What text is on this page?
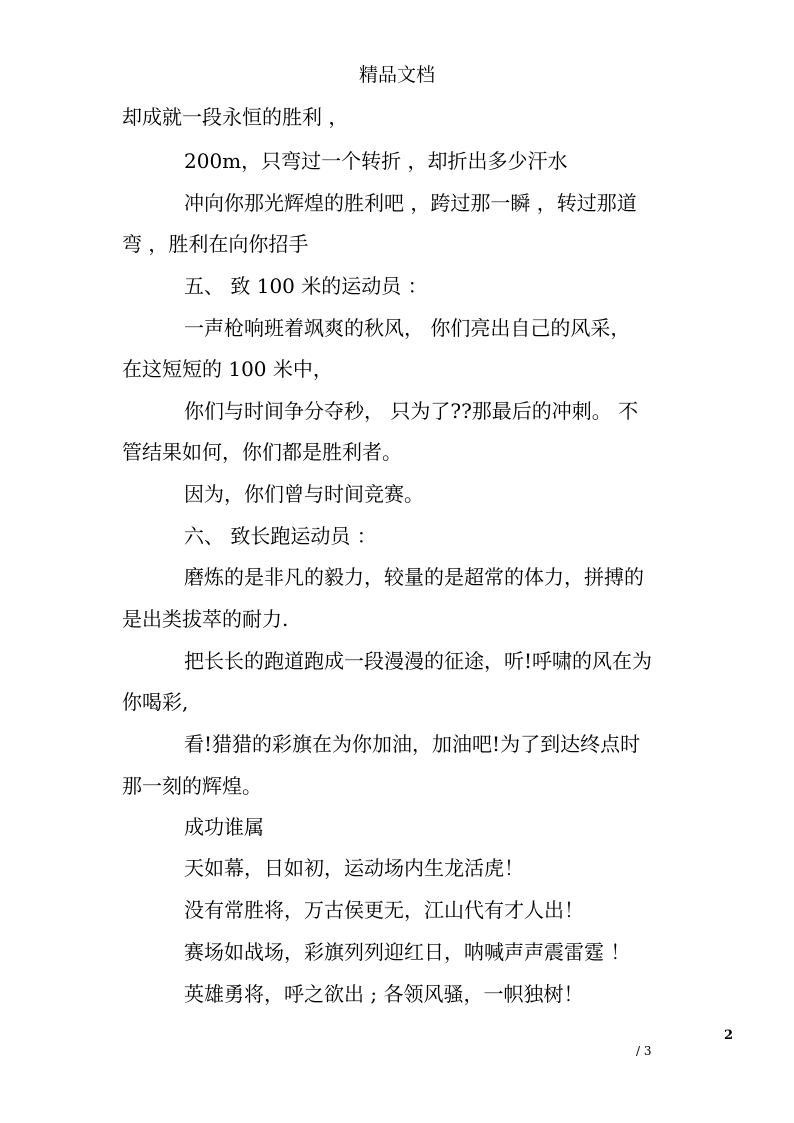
精品文档
却成就一段永恒的胜利 ，
200m，只弯过一个转折 ，却折出多少汗水
冲向你那光辉煌的胜利吧 ，跨过那一瞬 ，转过那道
弯 ，胜利在向你招手
五、 致 100 米的运动员 ：
一声枪响班着飒爽的秋风， 你们亮出自己的风采，
在这短短的 100 米中，
你们与时间争分夺秒， 只为了??那最后的冲刺。 不
管结果如何，你们都是胜利者。
因为，你们曾与时间竞赛。
六、 致长跑运动员 ：
磨炼的是非凡的毅力，较量的是超常的体力，拼搏的
是出类拔萃的耐力.
把长长的跑道跑成一段漫漫的征途，听!呼啸的风在为
你喝彩,
看!猎猎的彩旗在为你加油，加油吧!为了到达终点时
那一刻的辉煌。
成功谁属
天如幕，日如初，运动场内生龙活虎！
没有常胜将，万古侯更无，江山代有才人出！
赛场如战场，彩旗列列迎红日，呐喊声声震雷霆 ！
英雄勇将，呼之欲出 ; 各领风骚，一帜独树！
2
/ 3
